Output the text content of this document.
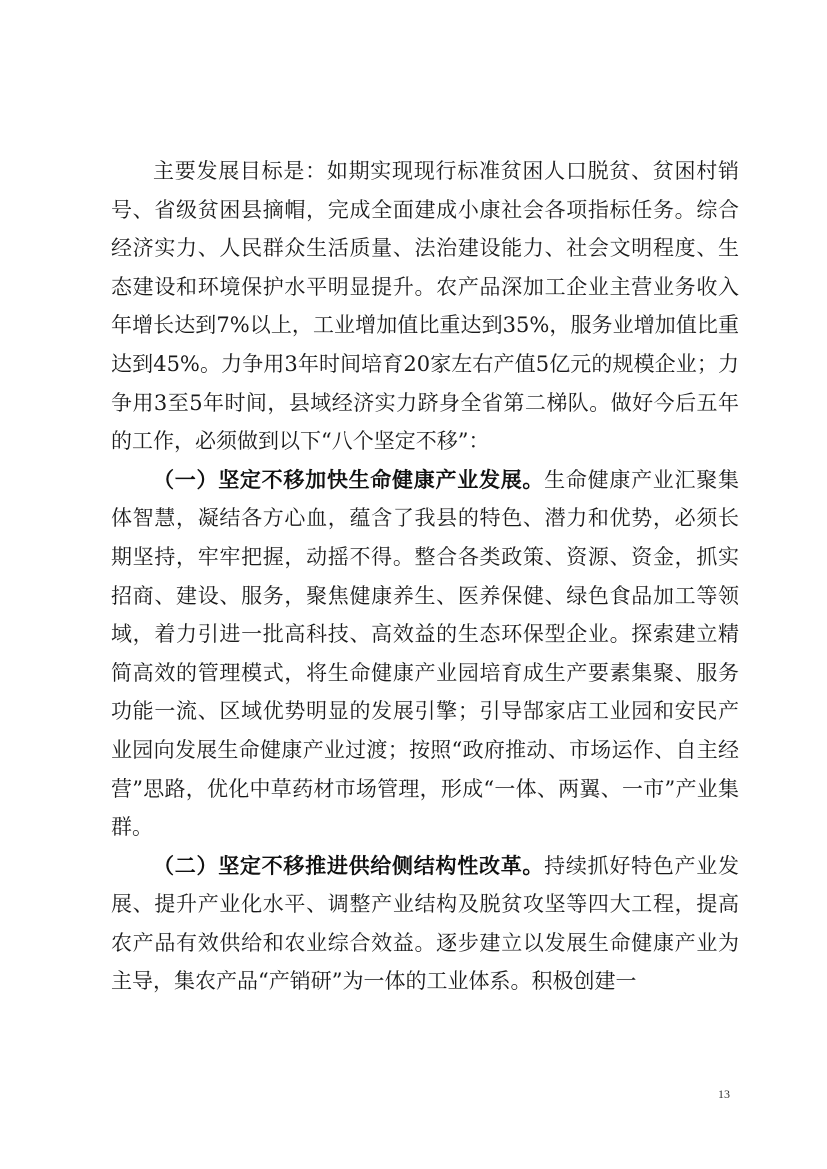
主要发展目标是：如期实现现行标准贫困人口脱贫、贫困村销号、省级贫困县摘帽，完成全面建成小康社会各项指标任务。综合经济实力、人民群众生活质量、法治建设能力、社会文明程度、生态建设和环境保护水平明显提升。农产品深加工企业主营业务收入年增长达到7%以上，工业增加值比重达到35%，服务业增加值比重达到45%。力争用3年时间培育20家左右产值5亿元的规模企业；力争用3至5年时间，县域经济实力跻身全省第二梯队。做好今后五年的工作，必须做到以下“八个坚定不移”：

（一）坚定不移加快生命健康产业发展。生命健康产业汇聚集体智慧，凝结各方心血，蕴含了我县的特色、潜力和优势，必须长期坚持，牢牢把握，动摇不得。整合各类政策、资源、资金，抓实招商、建设、服务，聚焦健康养生、医养保健、绿色食品加工等领域，着力引进一批高科技、高效益的生态环保型企业。探索建立精简高效的管理模式，将生命健康产业园培育成生产要素集聚、服务功能一流、区域优势明显的发展引擎；引导郜家店工业园和安民产业园向发展生命健康产业过渡；按照“政府推动、市场运作、自主经营”思路，优化中草药材市场管理，形成“一体、两翼、一市”产业集群。

（二）坚定不移推进供给侧结构性改革。持续抓好特色产业发展、提升产业化水平、调整产业结构及脱贫攻坚等四大工程，提高农产品有效供给和农业综合效益。逐步建立以发展生命健康产业为主导，集农产品“产销研”为一体的工业体系。积极创建一

13
